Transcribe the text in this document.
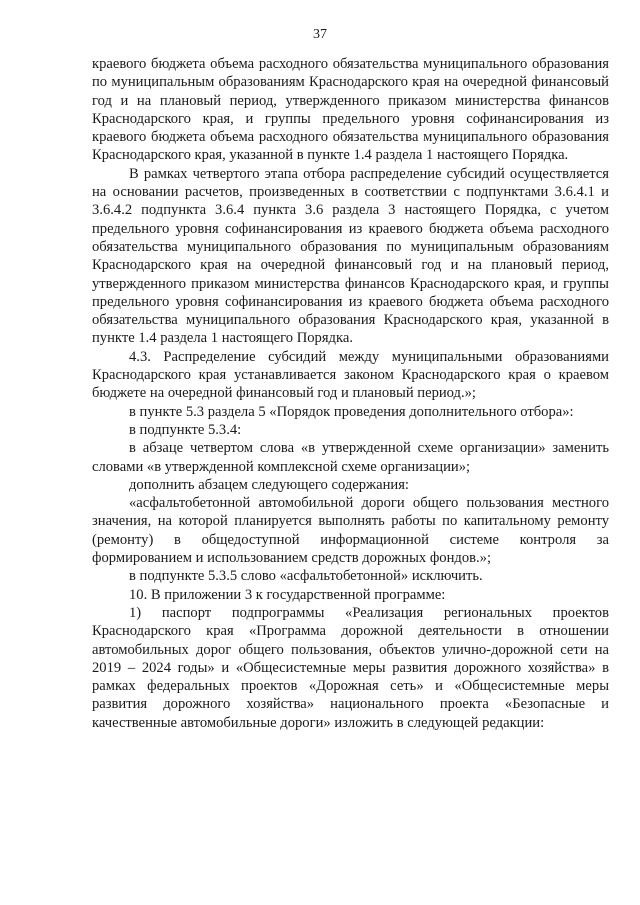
37

краевого бюджета объема расходного обязательства муниципального образования по муниципальным образованиям Краснодарского края на очередной финансовый год и на плановый период, утвержденного приказом министерства финансов Краснодарского края, и группы предельного уровня софинансирования из краевого бюджета объема расходного обязательства муниципального образования Краснодарского края, указанной в пункте 1.4 раздела 1 настоящего Порядка.

В рамках четвертого этапа отбора распределение субсидий осуществляется на основании расчетов, произведенных в соответствии с подпунктами 3.6.4.1 и 3.6.4.2 подпункта 3.6.4 пункта 3.6 раздела 3 настоящего Порядка, с учетом предельного уровня софинансирования из краевого бюджета объема расходного обязательства муниципального образования по муниципальным образованиям Краснодарского края на очередной финансовый год и на плановый период, утвержденного приказом министерства финансов Краснодарского края, и группы предельного уровня софинансирования из краевого бюджета объема расходного обязательства муниципального образования Краснодарского края, указанной в пункте 1.4 раздела 1 настоящего Порядка.

4.3. Распределение субсидий между муниципальными образованиями Краснодарского края устанавливается законом Краснодарского края о краевом бюджете на очередной финансовый год и плановый период.»;

в пункте 5.3 раздела 5 «Порядок проведения дополнительного отбора»:

в подпункте 5.3.4:

в абзаце четвертом слова «в утвержденной схеме организации» заменить словами «в утвержденной комплексной схеме организации»;

дополнить абзацем следующего содержания:

«асфальтобетонной автомобильной дороги общего пользования местного значения, на которой планируется выполнять работы по капитальному ремонту (ремонту) в общедоступной информационной системе контроля за формированием и использованием средств дорожных фондов.»;

в подпункте 5.3.5 слово «асфальтобетонной» исключить.

10. В приложении 3 к государственной программе:

1) паспорт подпрограммы «Реализация региональных проектов Краснодарского края «Программа дорожной деятельности в отношении автомобильных дорог общего пользования, объектов улично-дорожной сети на 2019 – 2024 годы» и «Общесистемные меры развития дорожного хозяйства» в рамках федеральных проектов «Дорожная сеть» и «Общесистемные меры развития дорожного хозяйства» национального проекта «Безопасные и качественные автомобильные дороги» изложить в следующей редакции:
